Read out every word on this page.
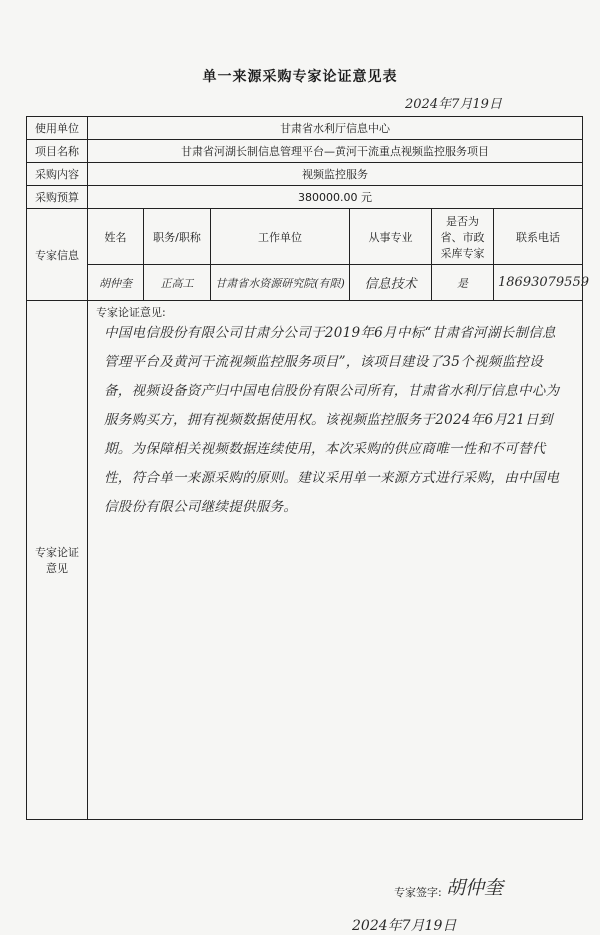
单一来源采购专家论证意见表
2024年7月19日
使用单位	甘肃省水利厅信息中心					
项目名称	甘肃省河湖长制信息管理平台—黄河干流重点视频监控服务项目					
采购内容	视频监控服务					
采购预算	380000.00 元					
专家信息	姓名	职务/职称	工作单位	从事专业	是否为省、市政采库专家	联系电话
	胡仲奎	正高工	甘肃省水资源研究院(有限)	信息技术	是	18693079559
专家论证意见	专家论证意见:
中国电信股份有限公司甘肃分公司于2019年6月中标“甘肃省河湖长制信息管理平台及黄河干流视频监控服务项目”，该项目建设了35个视频监控设备，视频设备资产归中国电信股份有限公司所有，甘肃省水利厅信息中心为服务购买方，拥有视频数据使用权。该视频监控服务于2024年6月21日到期。为保障相关视频数据连续使用，本次采购的供应商唯一性和不可替代性，符合单一来源采购的原则。建议采用单一来源方式进行采购，由中国电信股份有限公司继续提供服务。
专家签字: 胡仲奎
2024年7月19日					
